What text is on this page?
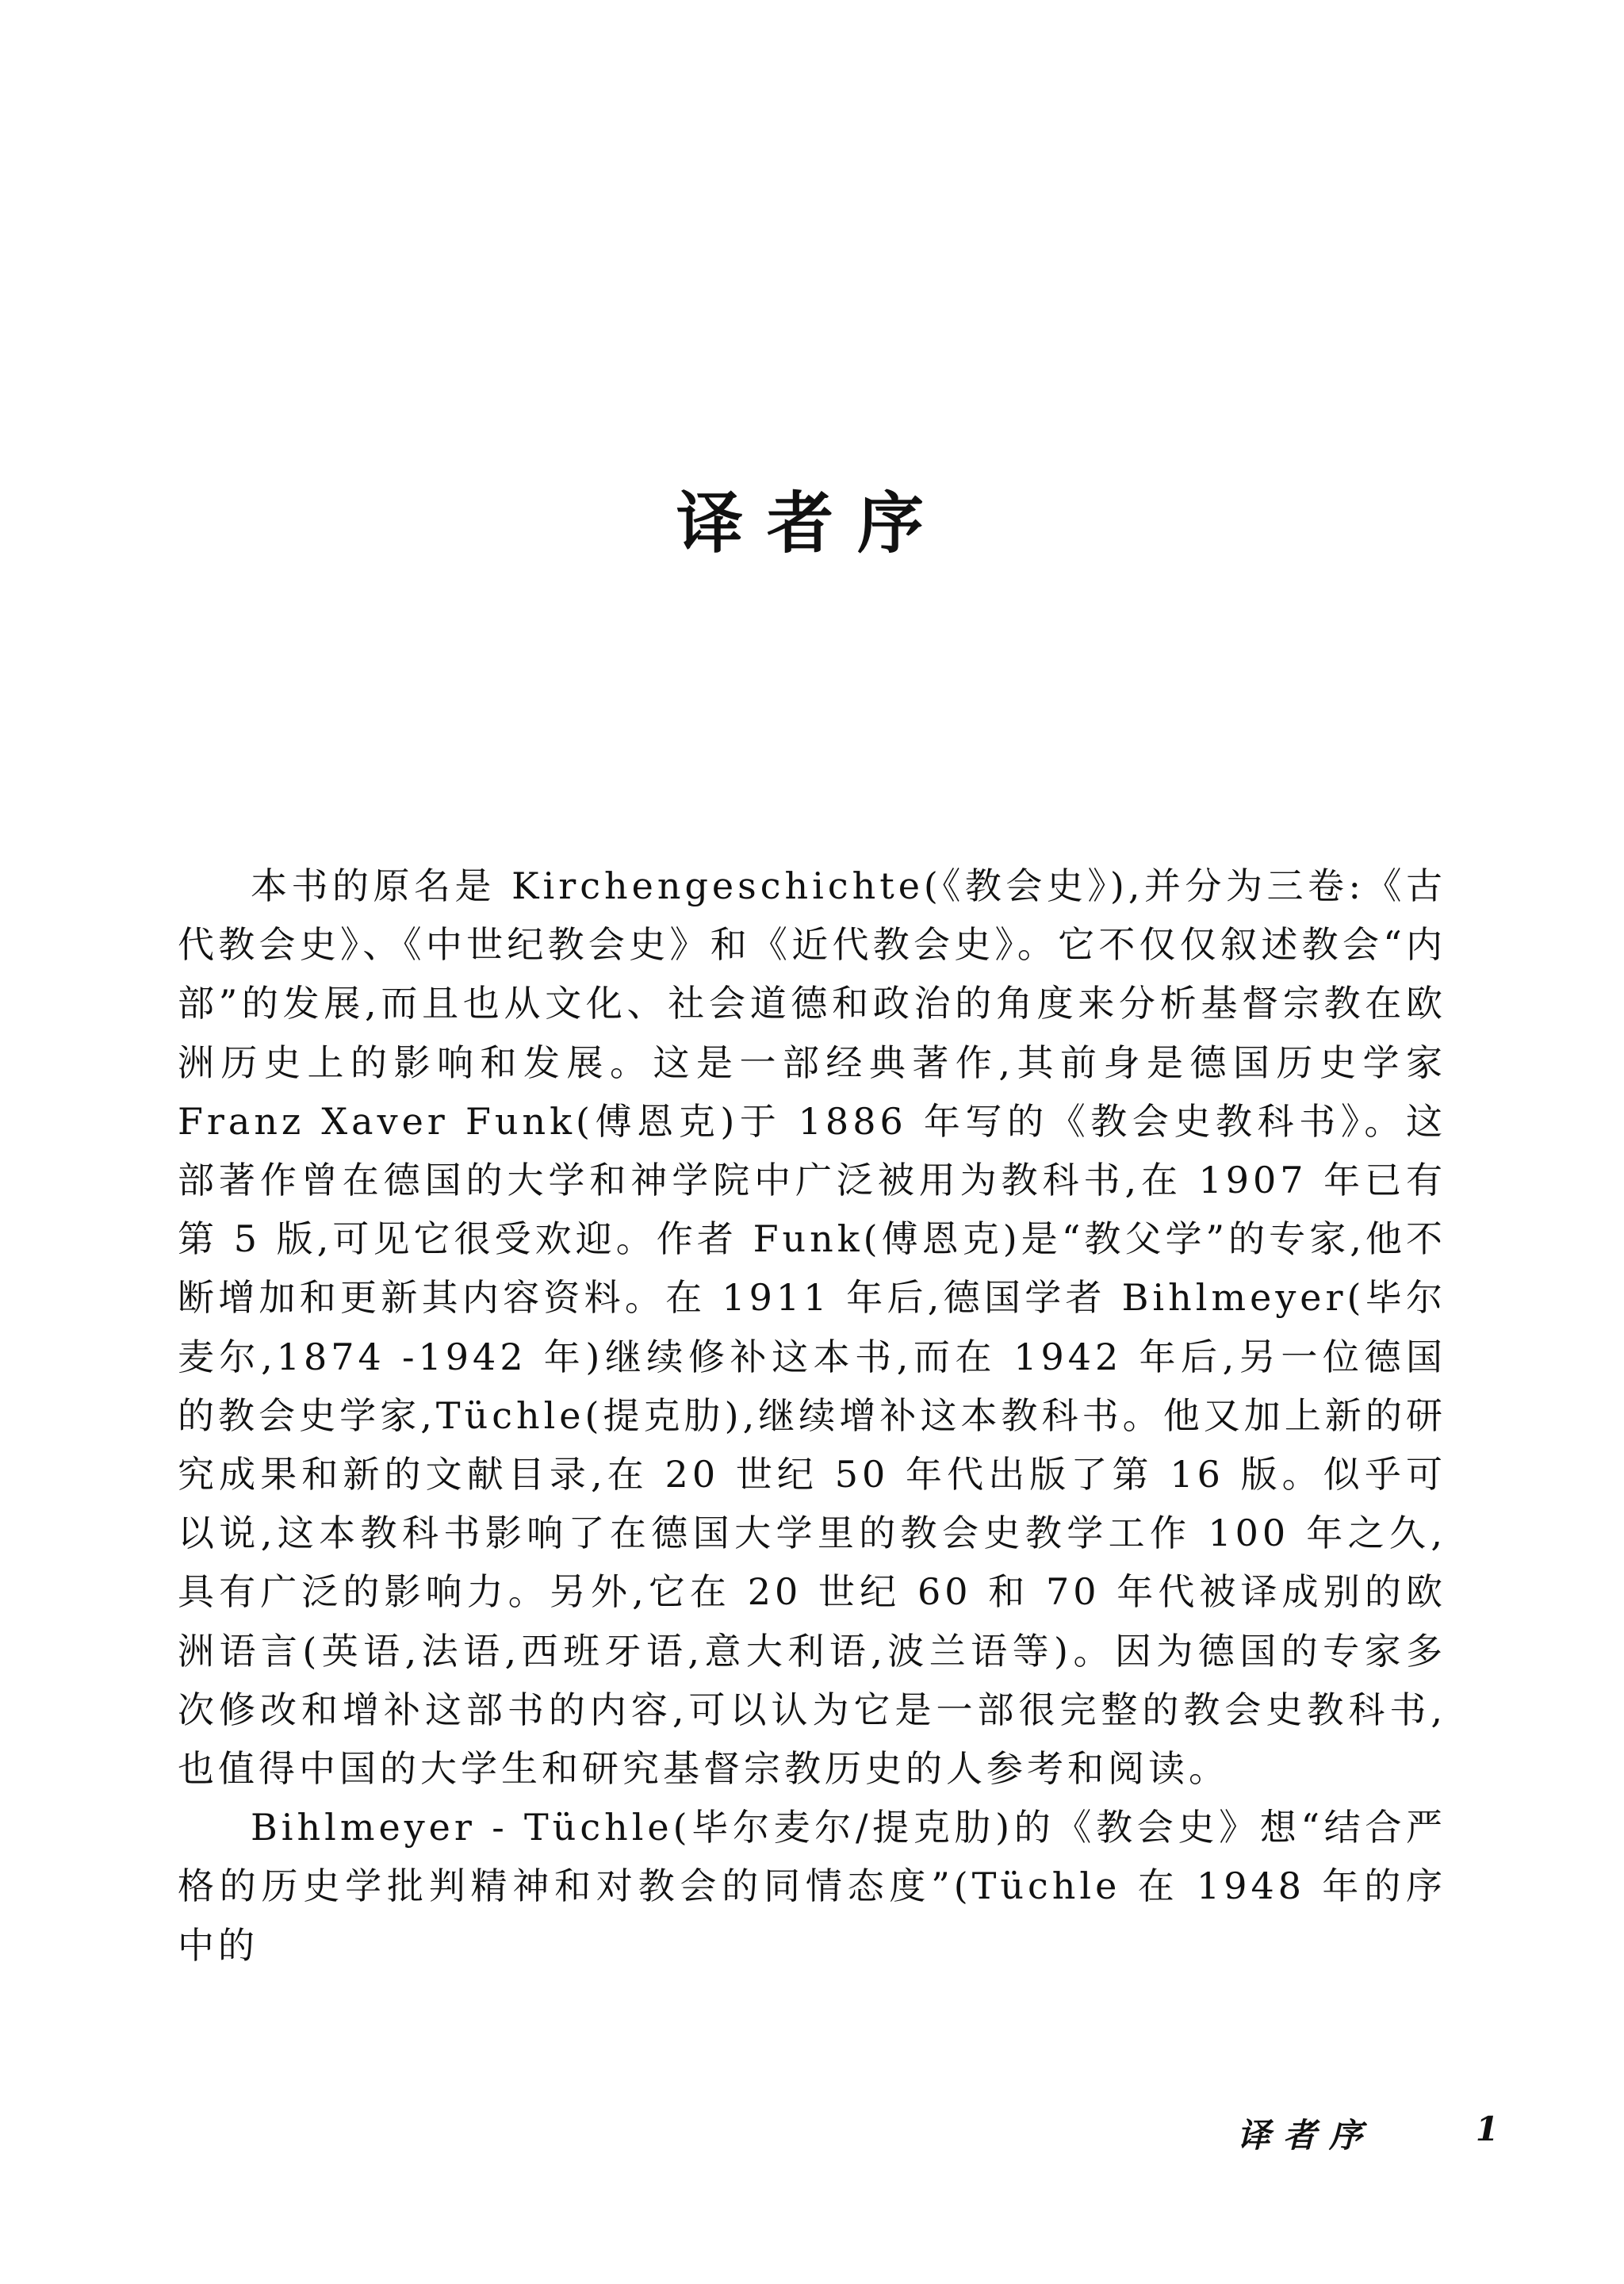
译者序

本书的原名是 Kirchengeschichte(《教会史》),并分为三卷:《古代教会史》、《中世纪教会史》和《近代教会史》。它不仅仅叙述教会“内部”的发展,而且也从文化、社会道德和政治的角度来分析基督宗教在欧洲历史上的影响和发展。这是一部经典著作,其前身是德国历史学家 Franz Xaver Funk(傅恩克)于 1886 年写的《教会史教科书》。这部著作曾在德国的大学和神学院中广泛被用为教科书,在 1907 年已有第 5 版,可见它很受欢迎。作者 Funk(傅恩克)是“教父学”的专家,他不断增加和更新其内容资料。在 1911 年后,德国学者 Bihlmeyer(毕尔麦尔,1874 -1942 年)继续修补这本书,而在 1942 年后,另一位德国的教会史学家,Tüchle(提克肋),继续增补这本教科书。他又加上新的研究成果和新的文献目录,在 20 世纪 50 年代出版了第 16 版。似乎可以说,这本教科书影响了在德国大学里的教会史教学工作 100 年之久,具有广泛的影响力。另外,它在 20 世纪 60 和 70 年代被译成别的欧洲语言(英语,法语,西班牙语,意大利语,波兰语等)。因为德国的专家多次修改和增补这部书的内容,可以认为它是一部很完整的教会史教科书,也值得中国的大学生和研究基督宗教历史的人参考和阅读。

Bihlmeyer - Tüchle(毕尔麦尔/提克肋)的《教会史》想“结合严格的历史学批判精神和对教会的同情态度”(Tüchle 在 1948 年的序中的

译者序	1
